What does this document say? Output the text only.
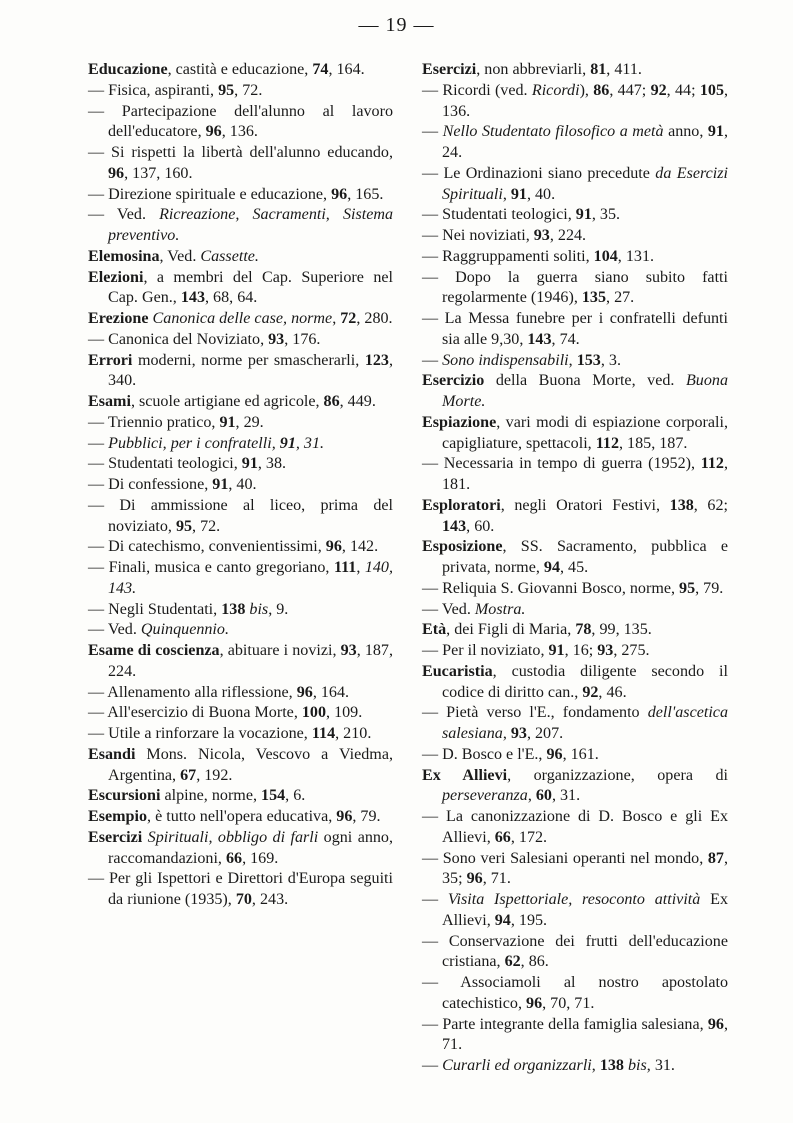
— 19 —

Educazione, castità e educazione, 74, 164.

— Fisica, aspiranti, 95, 72.

— Partecipazione dell'alunno al lavoro dell'educatore, 96, 136.

— Si rispetti la libertà dell'alunno educando, 96, 137, 160.

— Direzione spirituale e educazione, 96, 165.

— Ved. Ricreazione, Sacramenti, Sistema preventivo.

Elemosina, Ved. Cassette.

Elezioni, a membri del Cap. Superiore nel Cap. Gen., 143, 68, 64.

Erezione Canonica delle case, norme, 72, 280.

— Canonica del Noviziato, 93, 176.

Errori moderni, norme per smascherarli, 123, 340.

Esami, scuole artigiane ed agricole, 86, 449.

— Triennio pratico, 91, 29.

— Pubblici, per i confratelli, 91, 31.

— Studentati teologici, 91, 38.

— Di confessione, 91, 40.

— Di ammissione al liceo, prima del noviziato, 95, 72.

— Di catechismo, convenientissimi, 96, 142.

— Finali, musica e canto gregoriano, 111, 140, 143.

— Negli Studentati, 138 bis, 9.

— Ved. Quinquennio.

Esame di coscienza, abituare i novizi, 93, 187, 224.

— Allenamento alla riflessione, 96, 164.

— All'esercizio di Buona Morte, 100, 109.

— Utile a rinforzare la vocazione, 114, 210.

Esandi Mons. Nicola, Vescovo a Viedma, Argentina, 67, 192.

Escursioni alpine, norme, 154, 6.

Esempio, è tutto nell'opera educativa, 96, 79.

Esercizi Spirituali, obbligo di farli ogni anno, raccomandazioni, 66, 169.

— Per gli Ispettori e Direttori d'Europa seguiti da riunione (1935), 70, 243.

Esercizi, non abbreviarli, 81, 411.

— Ricordi (ved. Ricordi), 86, 447; 92, 44; 105, 136.

— Nello Studentato filosofico a metà anno, 91, 24.

— Le Ordinazioni siano precedute da Esercizi Spirituali, 91, 40.

— Studentati teologici, 91, 35.

— Nei noviziati, 93, 224.

— Raggruppamenti soliti, 104, 131.

— Dopo la guerra siano subito fatti regolarmente (1946), 135, 27.

— La Messa funebre per i confratelli defunti sia alle 9,30, 143, 74.

— Sono indispensabili, 153, 3.

Esercizio della Buona Morte, ved. Buona Morte.

Espiazione, vari modi di espiazione corporali, capigliature, spettacoli, 112, 185, 187.

— Necessaria in tempo di guerra (1952), 112, 181.

Esploratori, negli Oratori Festivi, 138, 62; 143, 60.

Esposizione, SS. Sacramento, pubblica e privata, norme, 94, 45.

— Reliquia S. Giovanni Bosco, norme, 95, 79.

— Ved. Mostra.

Età, dei Figli di Maria, 78, 99, 135.

— Per il noviziato, 91, 16; 93, 275.

Eucaristia, custodia diligente secondo il codice di diritto can., 92, 46.

— Pietà verso l'E., fondamento dell'ascetica salesiana, 93, 207.

— D. Bosco e l'E., 96, 161.

Ex Allievi, organizzazione, opera di perseveranza, 60, 31.

— La canonizzazione di D. Bosco e gli Ex Allievi, 66, 172.

— Sono veri Salesiani operanti nel mondo, 87, 35; 96, 71.

— Visita Ispettoriale, resoconto attività Ex Allievi, 94, 195.

— Conservazione dei frutti dell'educazione cristiana, 62, 86.

— Associamoli al nostro apostolato catechistico, 96, 70, 71.

— Parte integrante della famiglia salesiana, 96, 71.

— Curarli ed organizzarli, 138 bis, 31.
